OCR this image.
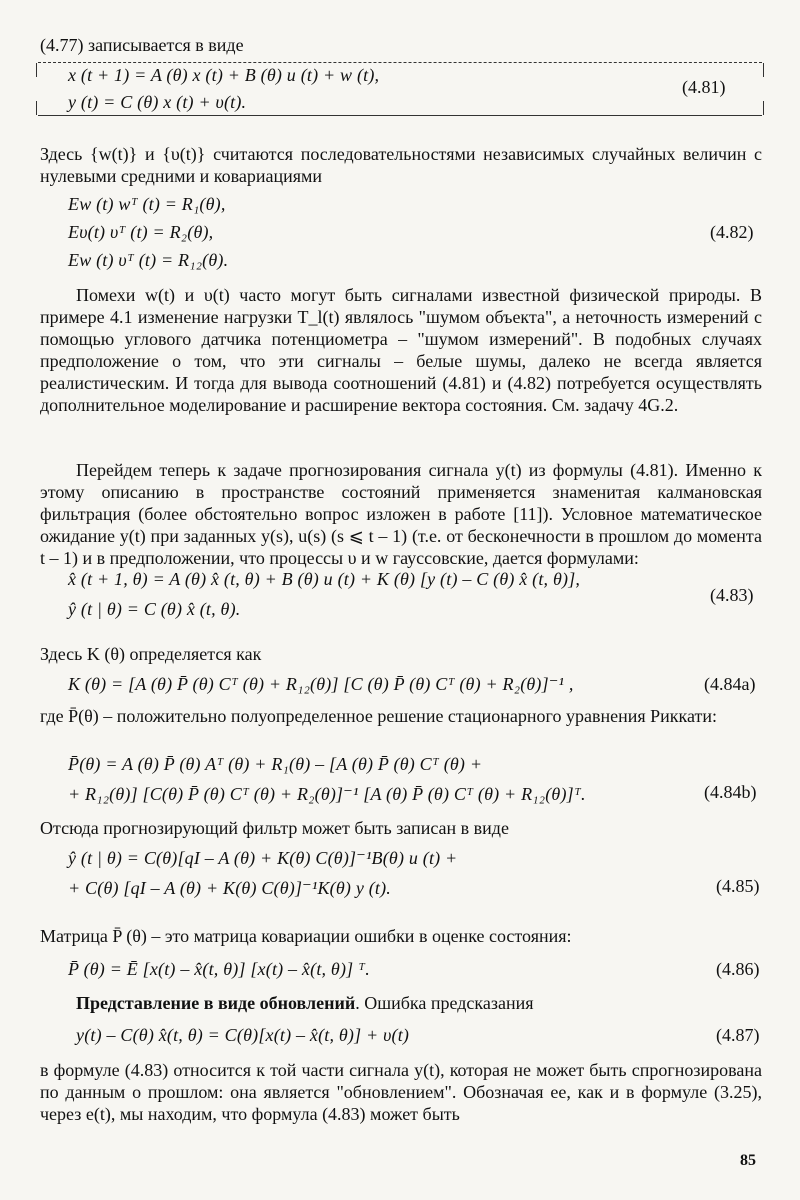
(4.77) записывается в виде
x (t + 1) = A (θ) x (t) + B (θ) u (t) + w (t),
y (t) = C (θ) x (t) + υ(t).
(4.81)

Здесь {w(t)} и {υ(t)} считаются последовательностями независимых случайных величин с нулевыми средними и ковариациями

Ew (t) wᵀ (t) = R₁(θ),
Eυ(t) υᵀ (t) = R₂(θ),
Ew (t) υᵀ (t) = R₁₂(θ).
(4.82)

Помехи w(t) и υ(t) часто могут быть сигналами известной физической природы. В примере 4.1 изменение нагрузки T_l(t) являлось "шумом объекта", а неточность измерений с помощью углового датчика потенциометра – "шумом измерений". В подобных случаях предположение о том, что эти сигналы – белые шумы, далеко не всегда является реалистическим. И тогда для вывода соотношений (4.81) и (4.82) потребуется осуществлять дополнительное моделирование и расширение вектора состояния. См. задачу 4G.2.

Перейдем теперь к задаче прогнозирования сигнала y(t) из формулы (4.81). Именно к этому описанию в пространстве состояний применяется знаменитая калмановская фильтрация (более обстоятельно вопрос изложен в работе [11]). Условное математическое ожидание y(t) при заданных y(s), u(s) (s ⩽ t – 1) (т.е. от бесконечности в прошлом до момента t – 1) и в предположении, что процессы υ и w гауссовские, дается формулами:

x̂ (t + 1, θ) = A (θ) x̂ (t, θ) + B (θ) u (t) + K (θ) [y (t) – C (θ) x̂ (t, θ)],
ŷ (t | θ) = C (θ) x̂ (t, θ).
(4.83)
Здесь K (θ) определяется как
K (θ) = [A (θ) P̄ (θ) Cᵀ (θ) + R₁₂(θ)] [C (θ) P̄ (θ) Cᵀ (θ) + R₂(θ)]⁻¹ ,	(4.84a)

где P̄(θ) – положительно полуопределенное решение стационарного уравнения Риккати:

P̄(θ) = A (θ) P̄ (θ) Aᵀ (θ) + R₁(θ) – [A (θ) P̄ (θ) Cᵀ (θ) +
+ R₁₂(θ)] [C(θ) P̄ (θ) Cᵀ (θ) + R₂(θ)]⁻¹ [A (θ) P̄ (θ) Cᵀ (θ) + R₁₂(θ)]ᵀ.	(4.84b)
Отсюда прогнозирующий фильтр может быть записан в виде
ŷ (t | θ) = C(θ)[qI – A (θ) + K(θ) C(θ)]⁻¹B(θ) u (t) +
+ C(θ) [qI – A (θ) + K(θ) C(θ)]⁻¹K(θ) y (t).	(4.85)
Матрица P̄ (θ) – это матрица ковариации ошибки в оценке состояния:
P̄ (θ) = Ē [x(t) – x̂(t, θ)] [x(t) – x̂(t, θ)] ᵀ.	(4.86)
Представление в виде обновлений. Ошибка предсказания
y(t) – C(θ) x̂(t, θ) = C(θ)[x(t) – x̂(t, θ)] + υ(t)	(4.87)

в формуле (4.83) относится к той части сигнала y(t), которая не может быть спрогнозирована по данным о прошлом: она является "обновлением". Обозначая ее, как и в формуле (3.25), через e(t), мы находим, что формула (4.83) может быть

85
